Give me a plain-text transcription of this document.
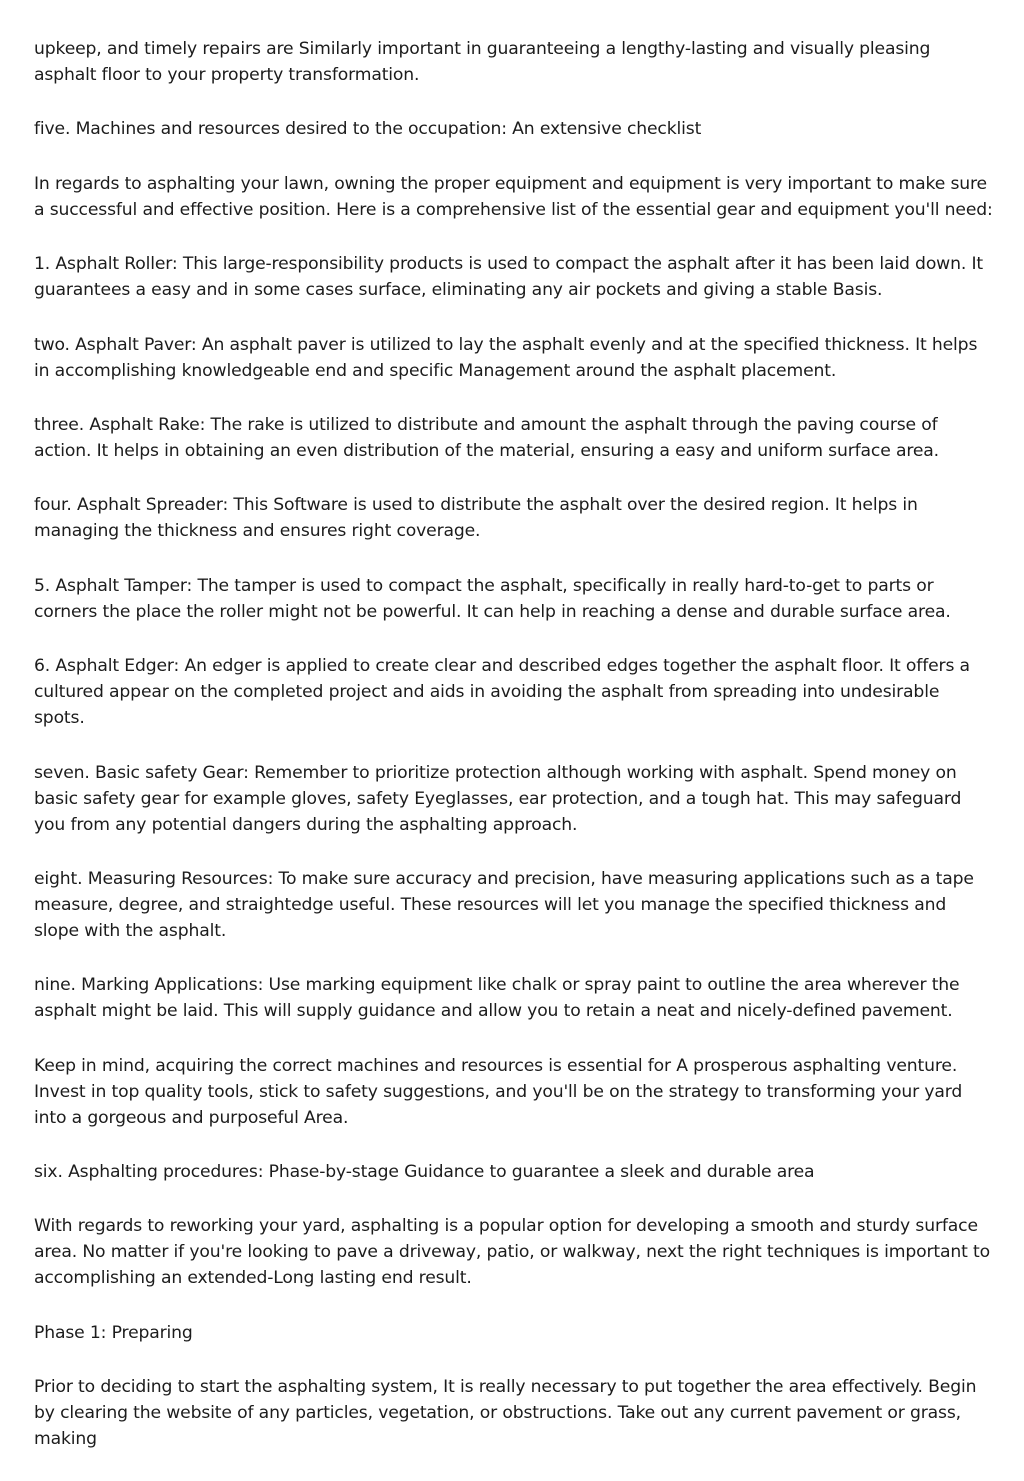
upkeep, and timely repairs are Similarly important in guaranteeing a lengthy-lasting and visually pleasing asphalt floor to your property transformation.

five. Machines and resources desired to the occupation: An extensive checklist

In regards to asphalting your lawn, owning the proper equipment and equipment is very important to make sure a successful and effective position. Here is a comprehensive list of the essential gear and equipment you'll need:

1. Asphalt Roller: This large-responsibility products is used to compact the asphalt after it has been laid down. It guarantees a easy and in some cases surface, eliminating any air pockets and giving a stable Basis.

two. Asphalt Paver: An asphalt paver is utilized to lay the asphalt evenly and at the specified thickness. It helps in accomplishing knowledgeable end and specific Management around the asphalt placement.

three. Asphalt Rake: The rake is utilized to distribute and amount the asphalt through the paving course of action. It helps in obtaining an even distribution of the material, ensuring a easy and uniform surface area.

four. Asphalt Spreader: This Software is used to distribute the asphalt over the desired region. It helps in managing the thickness and ensures right coverage.

5. Asphalt Tamper: The tamper is used to compact the asphalt, specifically in really hard-to-get to parts or corners the place the roller might not be powerful. It can help in reaching a dense and durable surface area.

6. Asphalt Edger: An edger is applied to create clear and described edges together the asphalt floor. It offers a cultured appear on the completed project and aids in avoiding the asphalt from spreading into undesirable spots.

seven. Basic safety Gear: Remember to prioritize protection although working with asphalt. Spend money on basic safety gear for example gloves, safety Eyeglasses, ear protection, and a tough hat. This may safeguard you from any potential dangers during the asphalting approach.

eight. Measuring Resources: To make sure accuracy and precision, have measuring applications such as a tape measure, degree, and straightedge useful. These resources will let you manage the specified thickness and slope with the asphalt.

nine. Marking Applications: Use marking equipment like chalk or spray paint to outline the area wherever the asphalt might be laid. This will supply guidance and allow you to retain a neat and nicely-defined pavement.

Keep in mind, acquiring the correct machines and resources is essential for A prosperous asphalting venture. Invest in top quality tools, stick to safety suggestions, and you'll be on the strategy to transforming your yard into a gorgeous and purposeful Area.

six. Asphalting procedures: Phase-by-stage Guidance to guarantee a sleek and durable area

With regards to reworking your yard, asphalting is a popular option for developing a smooth and sturdy surface area. No matter if you're looking to pave a driveway, patio, or walkway, next the right techniques is important to accomplishing an extended-Long lasting end result.

Phase 1: Preparing

Prior to deciding to start the asphalting system, It is really necessary to put together the area effectively. Begin by clearing the website of any particles, vegetation, or obstructions. Take out any current pavement or grass, making
